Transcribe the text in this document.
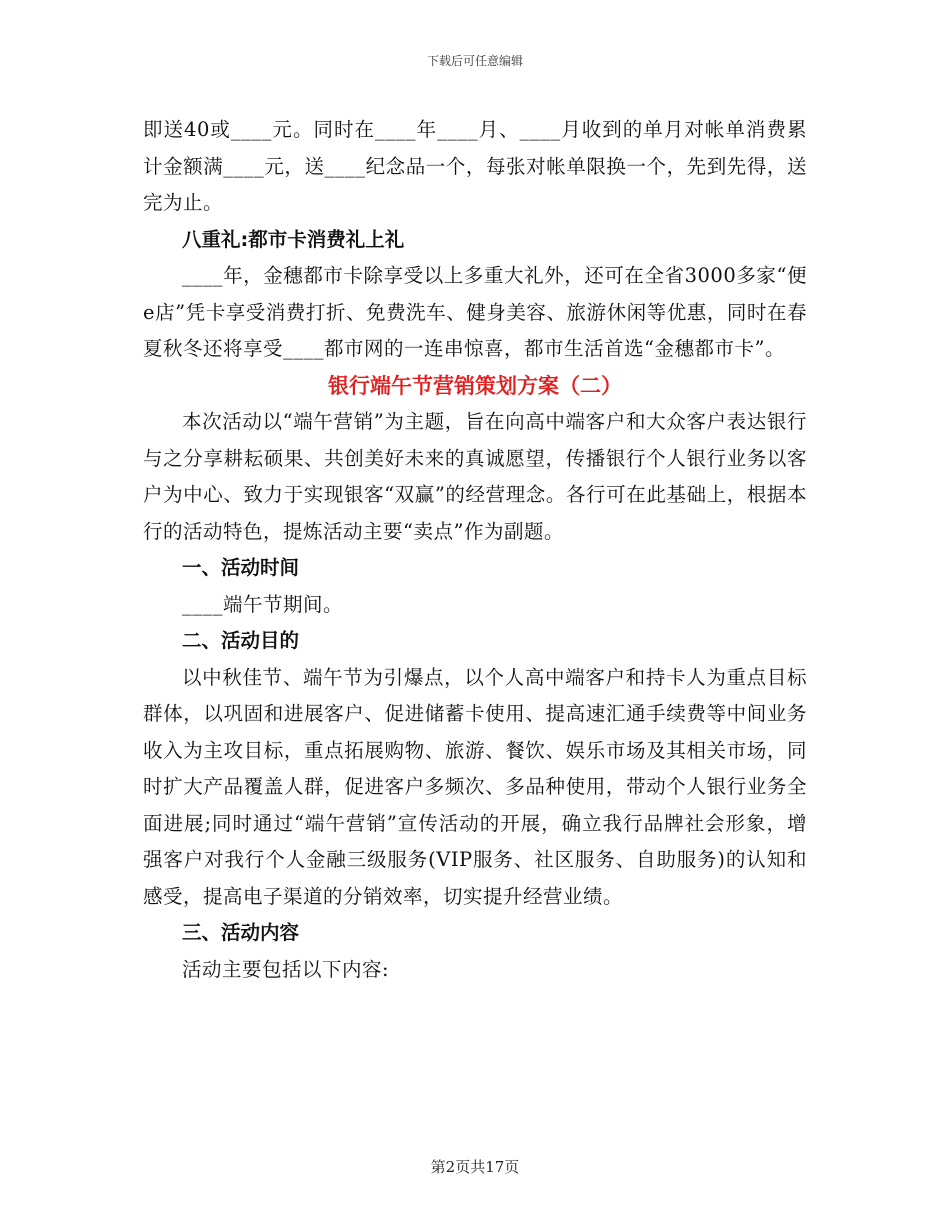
下载后可任意编辑

即送40或____元。同时在____年____月、____月收到的单月对帐单消费累计金额满____元，送____纪念品一个，每张对帐单限换一个，先到先得，送完为止。

八重礼:都市卡消费礼上礼

____年，金穗都市卡除享受以上多重大礼外，还可在全省3000多家“便e店”凭卡享受消费打折、免费洗车、健身美容、旅游休闲等优惠，同时在春夏秋冬还将享受____都市网的一连串惊喜，都市生活首选“金穗都市卡”。

银行端午节营销策划方案（二）

本次活动以“端午营销”为主题，旨在向高中端客户和大众客户表达银行与之分享耕耘硕果、共创美好未来的真诚愿望，传播银行个人银行业务以客户为中心、致力于实现银客“双赢”的经营理念。各行可在此基础上，根据本行的活动特色，提炼活动主要“卖点”作为副题。

一、活动时间

____端午节期间。

二、活动目的

以中秋佳节、端午节为引爆点，以个人高中端客户和持卡人为重点目标群体，以巩固和进展客户、促进储蓄卡使用、提高速汇通手续费等中间业务收入为主攻目标，重点拓展购物、旅游、餐饮、娱乐市场及其相关市场，同时扩大产品覆盖人群，促进客户多频次、多品种使用，带动个人银行业务全面进展;同时通过“端午营销”宣传活动的开展，确立我行品牌社会形象，增强客户对我行个人金融三级服务(VIP服务、社区服务、自助服务)的认知和感受，提高电子渠道的分销效率，切实提升经营业绩。

三、活动内容

活动主要包括以下内容:

第2页共17页
